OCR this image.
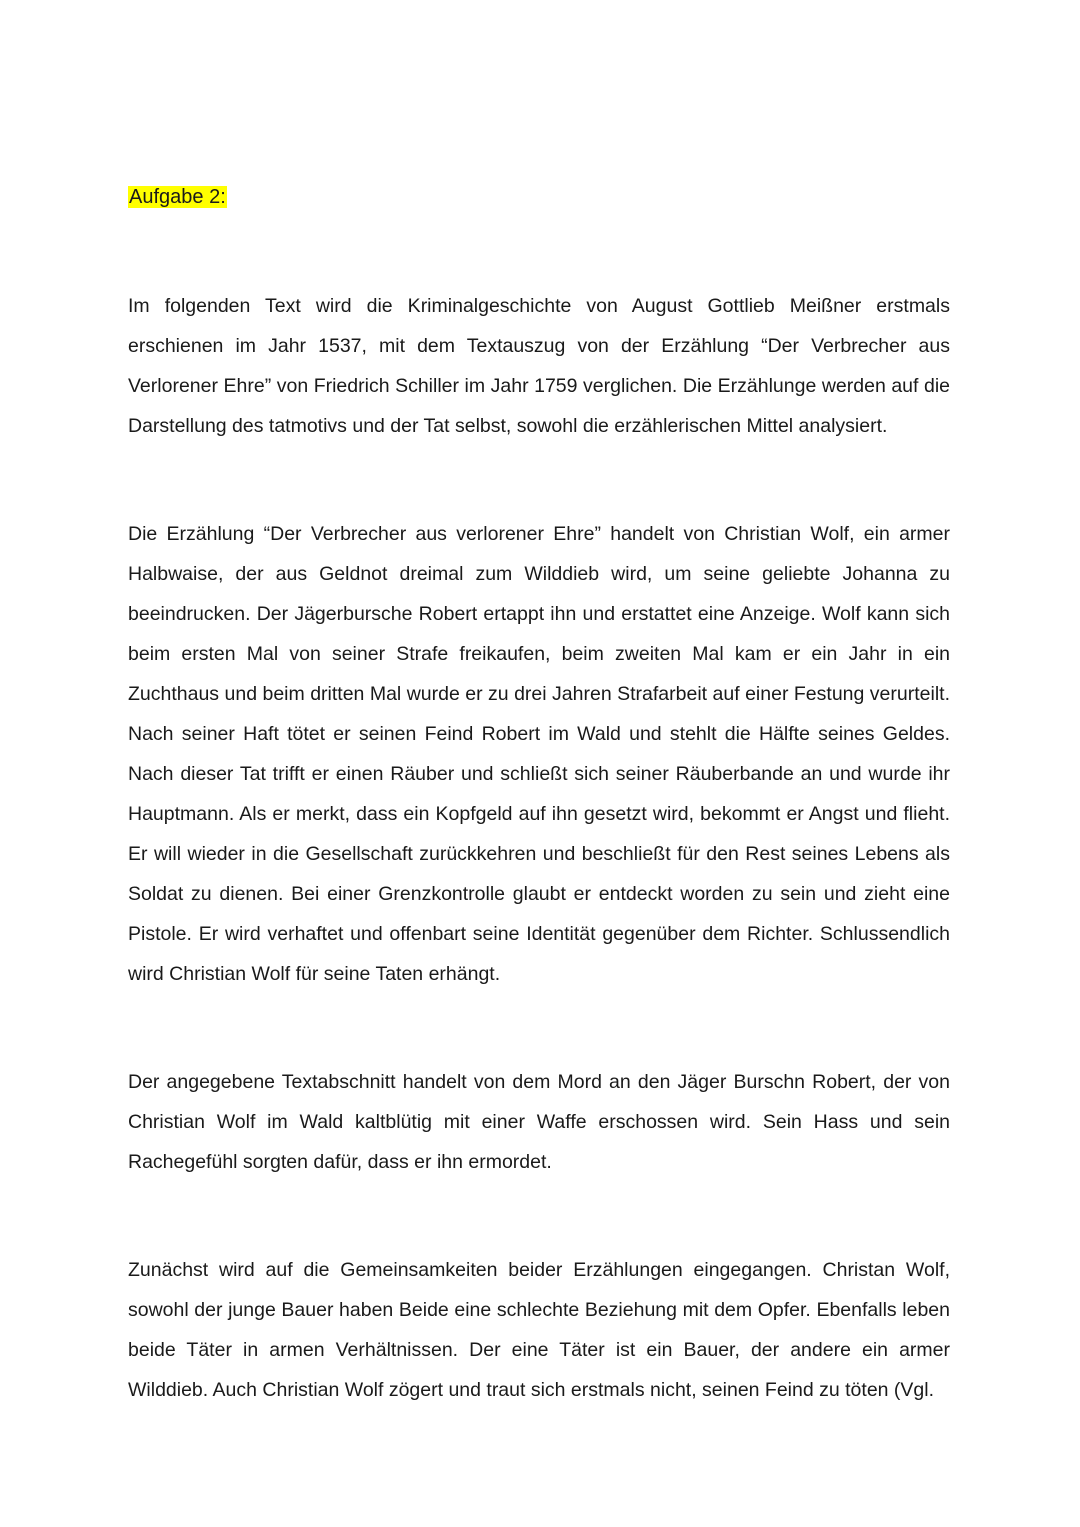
Aufgabe 2:

Im folgenden Text wird die Kriminalgeschichte von August Gottlieb Meißner erstmals erschienen im Jahr 1537, mit dem Textauszug von der Erzählung “Der Verbrecher aus Verlorener Ehre” von Friedrich Schiller im Jahr 1759 verglichen. Die Erzählunge werden auf die Darstellung des tatmotivs und der Tat selbst, sowohl die erzählerischen Mittel analysiert.

Die Erzählung “Der Verbrecher aus verlorener Ehre” handelt von Christian Wolf, ein armer Halbwaise, der aus Geldnot dreimal zum Wilddieb wird, um seine geliebte Johanna zu beeindrucken. Der Jägerbursche Robert ertappt ihn und erstattet eine Anzeige. Wolf kann sich beim ersten Mal von seiner Strafe freikaufen, beim zweiten Mal kam er ein Jahr in ein Zuchthaus und beim dritten Mal wurde er zu drei Jahren Strafarbeit auf einer Festung verurteilt. Nach seiner Haft tötet er seinen Feind Robert im Wald und stehlt die Hälfte seines Geldes. Nach dieser Tat trifft er einen Räuber und schließt sich seiner Räuberbande an und wurde ihr Hauptmann. Als er merkt, dass ein Kopfgeld auf ihn gesetzt wird, bekommt er Angst und flieht. Er will wieder in die Gesellschaft zurückkehren und beschließt für den Rest seines Lebens als Soldat zu dienen. Bei einer Grenzkontrolle glaubt er entdeckt worden zu sein und zieht eine Pistole. Er wird verhaftet und offenbart seine Identität gegenüber dem Richter. Schlussendlich wird Christian Wolf für seine Taten erhängt.

Der angegebene Textabschnitt handelt von dem Mord an den Jäger Burschn Robert, der von Christian Wolf im Wald kaltblütig mit einer Waffe erschossen wird. Sein Hass und sein Rachegefühl sorgten dafür, dass er ihn ermordet.

Zunächst wird auf die Gemeinsamkeiten beider Erzählungen eingegangen. Christan Wolf, sowohl der junge Bauer haben Beide eine schlechte Beziehung mit dem Opfer. Ebenfalls leben beide Täter in armen Verhältnissen. Der eine Täter ist ein Bauer, der andere ein armer Wilddieb. Auch Christian Wolf zögert und traut sich erstmals nicht, seinen Feind zu töten (Vgl.
